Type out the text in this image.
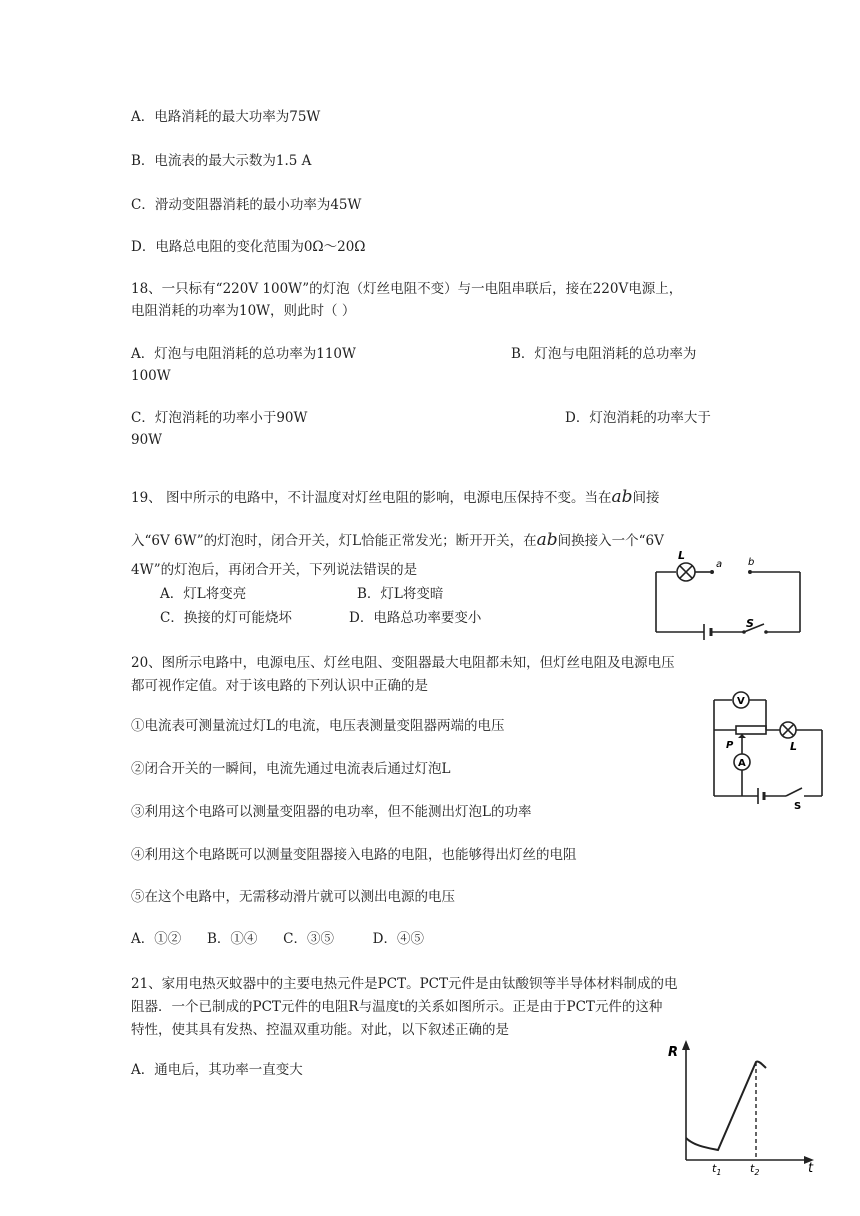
A．电路消耗的最大功率为75W
B．电流表的最大示数为1.5 A
C．滑动变阻器消耗的最小功率为45W
D．电路总电阻的变化范围为0Ω～20Ω
18、一只标有“220V 100W”的灯泡（灯丝电阻不变）与一电阻串联后，接在220V电源上，
电阻消耗的功率为10W，则此时（ ）
A．灯泡与电阻消耗的总功率为110W	B．灯泡与电阻消耗的总功率为
100W
C．灯泡消耗的功率小于90W	D．灯泡消耗的功率大于
90W
19、 图中所示的电路中，不计温度对灯丝电阻的影响，电源电压保持不变。当在ab间接
入“6V 6W”的灯泡时，闭合开关，灯L恰能正常发光；断开开关，在ab间换接入一个“6V
4W”的灯泡后，再闭合开关，下列说法错误的是
A．灯L将变亮	B．灯L将变暗
C．换接的灯可能烧坏	D．电路总功率要变小
L
a	b
S
20、图所示电路中，电源电压、灯丝电阻、变阻器最大电阻都未知，但灯丝电阻及电源电压
都可视作定值。对于该电路的下列认识中正确的是
①电流表可测量流过灯L的电流，电压表测量变阻器两端的电压
②闭合开关的一瞬间，电流先通过电流表后通过灯泡L
③利用这个电路可以测量变阻器的电功率，但不能测出灯泡L的功率
④利用这个电路既可以测量变阻器接入电路的电阻，也能够得出灯丝的电阻
⑤在这个电路中，无需移动滑片就可以测出电源的电压
A．①②      B．①④      C．③⑤         D．④⑤
V
A
P	L
S
21、家用电热灭蚊器中的主要电热元件是PCT。PCT元件是由钛酸钡等半导体材料制成的电
阻器．一个已制成的PCT元件的电阻R与温度t的关系如图所示。正是由于PCT元件的这种
特性，使其具有发热、控温双重功能。对此，以下叙述正确的是
A．通电后，其功率一直变大
R
t
$t_1$	$t_2$
